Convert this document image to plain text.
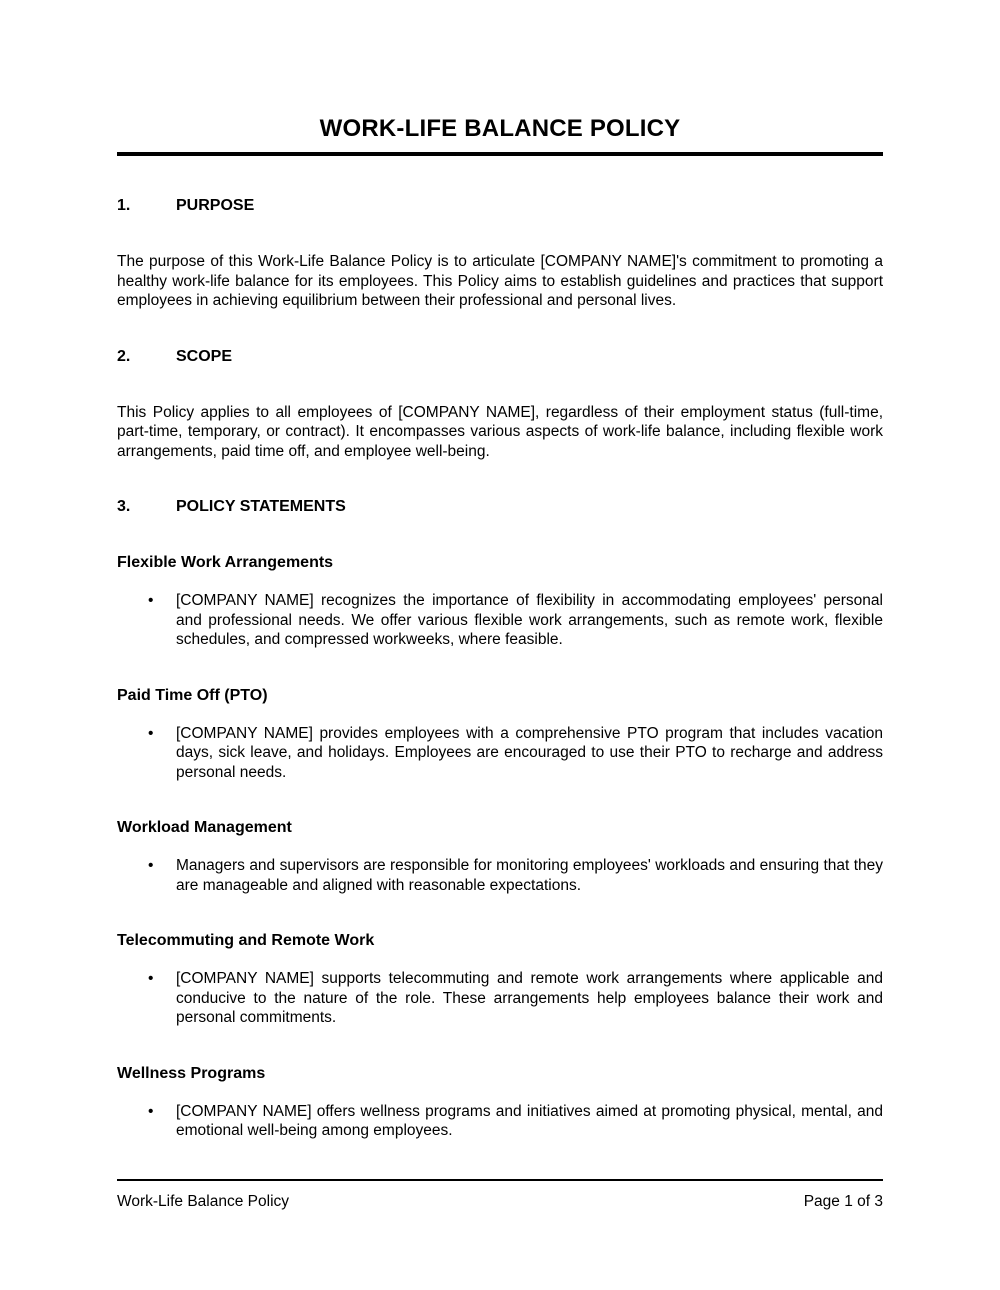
WORK-LIFE BALANCE POLICY
1.	PURPOSE
The purpose of this Work-Life Balance Policy is to articulate [COMPANY NAME]'s commitment to promoting a healthy work-life balance for its employees. This Policy aims to establish guidelines and practices that support employees in achieving equilibrium between their professional and personal lives.
2.	SCOPE
This Policy applies to all employees of [COMPANY NAME], regardless of their employment status (full-time, part-time, temporary, or contract). It encompasses various aspects of work-life balance, including flexible work arrangements, paid time off, and employee well-being.
3.	POLICY STATEMENTS
Flexible Work Arrangements
•	[COMPANY NAME] recognizes the importance of flexibility in accommodating employees' personal and professional needs. We offer various flexible work arrangements, such as remote work, flexible schedules, and compressed workweeks, where feasible.
Paid Time Off (PTO)
•	[COMPANY NAME] provides employees with a comprehensive PTO program that includes vacation days, sick leave, and holidays. Employees are encouraged to use their PTO to recharge and address personal needs.
Workload Management
•	Managers and supervisors are responsible for monitoring employees' workloads and ensuring that they are manageable and aligned with reasonable expectations.
Telecommuting and Remote Work
•	[COMPANY NAME] supports telecommuting and remote work arrangements where applicable and conducive to the nature of the role. These arrangements help employees balance their work and personal commitments.
Wellness Programs
•	[COMPANY NAME] offers wellness programs and initiatives aimed at promoting physical, mental, and emotional well-being among employees.
Work-Life Balance Policy	Page 1 of 3
